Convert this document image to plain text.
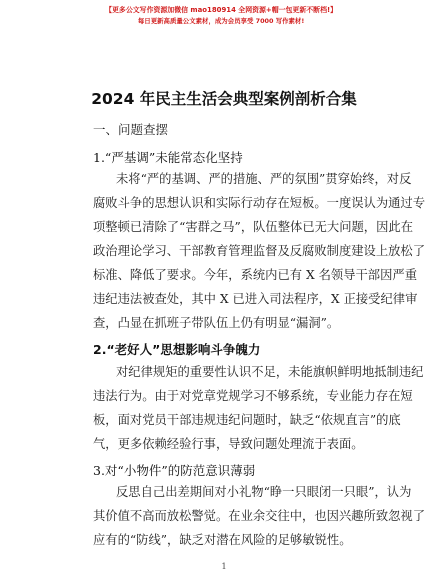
【更多公文写作资源加微信 mao180914 全网资源+帽一包更新不断档!】
每日更新高质量公文素材，成为会员享受 7000 写作素材!
2024 年民主生活会典型案例剖析合集
一、问题查摆
1.“严基调”未能常态化坚持
未将“严的基调、严的措施、严的氛围”贯穿始终，对反
腐败斗争的思想认识和实际行动存在短板。一度误认为通过专
项整顿已清除了“害群之马”，队伍整体已无大问题，因此在
政治理论学习、干部教育管理监督及反腐败制度建设上放松了
标准、降低了要求。今年，系统内已有 X 名领导干部因严重
违纪违法被查处，其中 X 已进入司法程序，X 正接受纪律审
查，凸显在抓班子带队伍上仍有明显“漏洞”。
2.“老好人”思想影响斗争魄力
对纪律规矩的重要性认识不足，未能旗帜鲜明地抵制违纪
违法行为。由于对党章党规学习不够系统，专业能力存在短
板，面对党员干部违规违纪问题时，缺乏“依规直言”的底
气，更多依赖经验行事，导致问题处理流于表面。
3.对“小物件”的防范意识薄弱
反思自己出差期间对小礼物“睁一只眼闭一只眼”，认为
其价值不高而放松警觉。在业余交往中，也因兴趣所致忽视了
应有的“防线”，缺乏对潜在风险的足够敏锐性。
1
